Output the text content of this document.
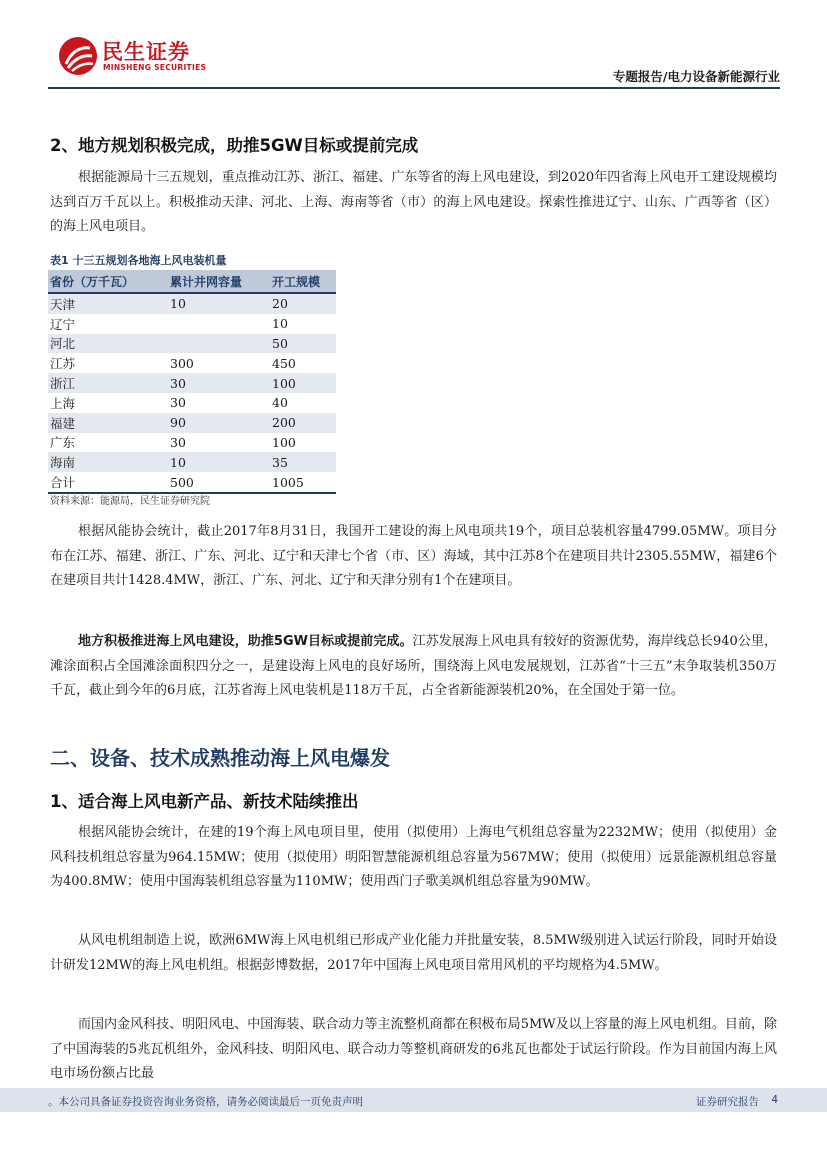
民生证券
MINSHENG SECURITIES
专题报告/电力设备新能源行业
2、地方规划积极完成，助推5GW目标或提前完成

根据能源局十三五规划，重点推动江苏、浙江、福建、广东等省的海上风电建设，到2020年四省海上风电开工建设规模均达到百万千瓦以上。积极推动天津、河北、上海、海南等省（市）的海上风电建设。探索性推进辽宁、山东、广西等省（区）的海上风电项目。

表1 十三五规划各地海上风电装机量
省份（万千瓦）	累计并网容量	开工规模
天津	10	20
辽宁		10
河北		50
江苏	300	450
浙江	30	100
上海	30	40
福建	90	200
广东	30	100
海南	10	35
合计	500	1005
资料来源：能源局，民生证券研究院

根据风能协会统计，截止2017年8月31日，我国开工建设的海上风电项共19个，项目总装机容量4799.05MW。项目分布在江苏、福建、浙江、广东、河北、辽宁和天津七个省（市、区）海域，其中江苏8个在建项目共计2305.55MW，福建6个在建项目共计1428.4MW，浙江、广东、河北、辽宁和天津分别有1个在建项目。

地方积极推进海上风电建设，助推5GW目标或提前完成。江苏发展海上风电具有较好的资源优势，海岸线总长940公里，滩涂面积占全国滩涂面积四分之一，是建设海上风电的良好场所，围绕海上风电发展规划，江苏省“十三五”末争取装机350万千瓦，截止到今年的6月底，江苏省海上风电装机是118万千瓦，占全省新能源装机20%，在全国处于第一位。

二、设备、技术成熟推动海上风电爆发
1、适合海上风电新产品、新技术陆续推出

根据风能协会统计，在建的19个海上风电项目里，使用（拟使用）上海电气机组总容量为2232MW；使用（拟使用）金风科技机组总容量为964.15MW；使用（拟使用）明阳智慧能源机组总容量为567MW；使用（拟使用）远景能源机组总容量为400.8MW；使用中国海装机组总容量为110MW；使用西门子歌美飒机组总容量为90MW。

从风电机组制造上说，欧洲6MW海上风电机组已形成产业化能力并批量安装，8.5MW级别进入试运行阶段，同时开始设计研发12MW的海上风电机组。根据彭博数据，2017年中国海上风电项目常用风机的平均规格为4.5MW。

而国内金风科技、明阳风电、中国海装、联合动力等主流整机商都在积极布局5MW及以上容量的海上风电机组。目前，除了中国海装的5兆瓦机组外，金风科技、明阳风电、联合动力等整机商研发的6兆瓦也都处于试运行阶段。作为目前国内海上风电市场份额占比最

。本公司具备证券投资咨询业务资格，请务必阅读最后一页免责声明	证券研究报告 4
